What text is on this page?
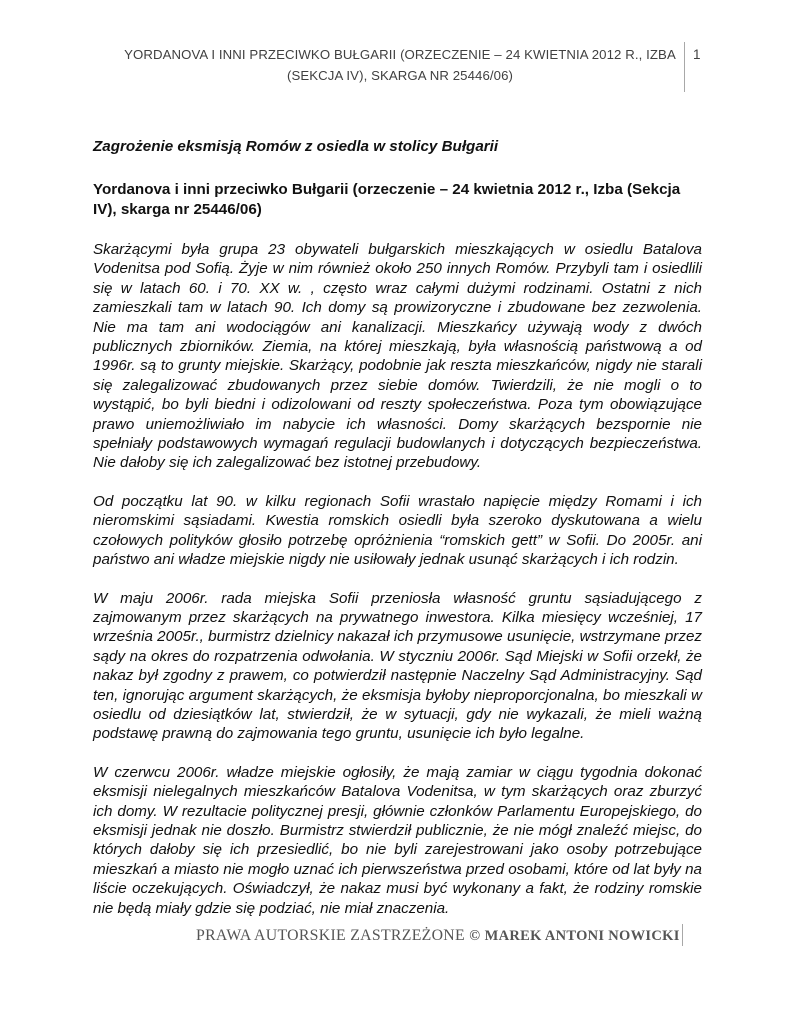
YORDANOVA I INNI PRZECIWKO BUŁGARII (ORZECZENIE – 24 KWIETNIA 2012 R., IZBA
(SEKCJA IV), SKARGA NR 25446/06)
1

Zagrożenie eksmisją Romów z osiedla w stolicy Bułgarii

Yordanova i inni przeciwko Bułgarii (orzeczenie – 24 kwietnia 2012 r., Izba (Sekcja IV), skarga nr 25446/06)

Skarżącymi była grupa 23 obywateli bułgarskich mieszkających w osiedlu Batalova Vodenitsa pod Sofią. Żyje w nim również około 250 innych Romów. Przybyli tam i osiedlili się w latach 60. i 70. XX w. , często wraz całymi dużymi rodzinami. Ostatni z nich zamieszkali tam w latach 90. Ich domy są prowizoryczne i zbudowane bez zezwolenia. Nie ma tam ani wodociągów ani kanalizacji. Mieszkańcy używają wody z dwóch publicznych zbiorników. Ziemia, na której mieszkają, była własnością państwową a od 1996r. są to grunty miejskie. Skarżący, podobnie jak reszta mieszkańców, nigdy nie starali się zalegalizować zbudowanych przez siebie domów. Twierdzili, że nie mogli o to wystąpić, bo byli biedni i odizolowani od reszty społeczeństwa. Poza tym obowiązujące prawo uniemożliwiało im nabycie ich własności. Domy skarżących bezspornie nie spełniały podstawowych wymagań regulacji budowlanych i dotyczących bezpieczeństwa. Nie dałoby się ich zalegalizować bez istotnej przebudowy.

Od początku lat 90. w kilku regionach Sofii wrastało napięcie między Romami i ich nieromskimi sąsiadami. Kwestia romskich osiedli była szeroko dyskutowana a wielu czołowych polityków głosiło potrzebę opróżnienia “romskich gett” w Sofii. Do 2005r. ani państwo ani władze miejskie nigdy nie usiłowały jednak usunąć skarżących i ich rodzin.

W maju 2006r. rada miejska Sofii przeniosła własność gruntu sąsiadującego z zajmowanym przez skarżących na prywatnego inwestora. Kilka miesięcy wcześniej, 17 września 2005r., burmistrz dzielnicy nakazał ich przymusowe usunięcie, wstrzymane przez sądy na okres do rozpatrzenia odwołania. W styczniu 2006r. Sąd Miejski w Sofii orzekł, że nakaz był zgodny z prawem, co potwierdził następnie Naczelny Sąd Administracyjny. Sąd ten, ignorując argument skarżących, że eksmisja byłoby nieproporcjonalna, bo mieszkali w osiedlu od dziesiątków lat, stwierdził, że w sytuacji, gdy nie wykazali, że mieli ważną podstawę prawną do zajmowania tego gruntu, usunięcie ich było legalne.

W czerwcu 2006r. władze miejskie ogłosiły, że mają zamiar w ciągu tygodnia dokonać eksmisji nielegalnych mieszkańców Batalova Vodenitsa, w tym skarżących oraz zburzyć ich domy. W rezultacie politycznej presji, głównie członków Parlamentu Europejskiego, do eksmisji jednak nie doszło. Burmistrz stwierdził publicznie, że nie mógł znaleźć miejsc, do których dałoby się ich przesiedlić, bo nie byli zarejestrowani jako osoby potrzebujące mieszkań a miasto nie mogło uznać ich pierwszeństwa przed osobami, które od lat były na liście oczekujących. Oświadczył, że nakaz musi być wykonany a fakt, że rodziny romskie nie będą miały gdzie się podziać, nie miał znaczenia.

PRAWA AUTORSKIE ZASTRZEŻONE © MAREK ANTONI NOWICKI
